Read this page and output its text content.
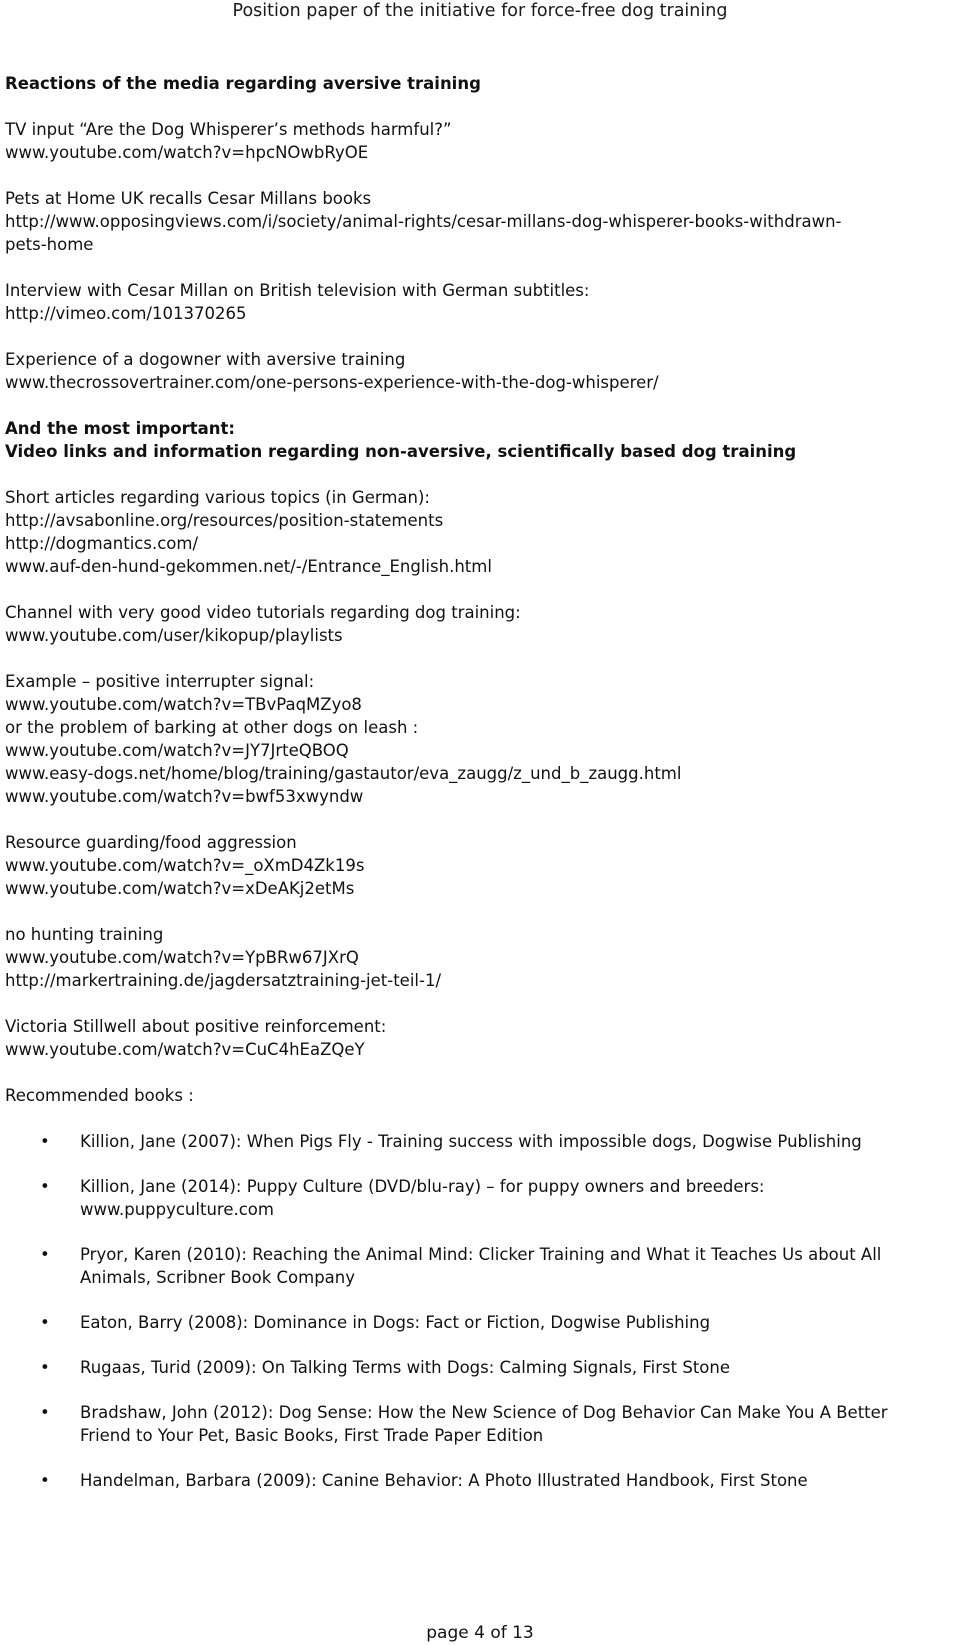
Position paper of the initiative for force-free dog training
Reactions of the media regarding aversive training
TV input “Are the Dog Whisperer’s methods harmful?”
www.youtube.com/watch?v=hpcNOwbRyOE
Pets at Home UK recalls Cesar Millans books
http://www.opposingviews.com/i/society/animal-rights/cesar-millans-dog-whisperer-books-withdrawn-
pets-home
Interview with Cesar Millan on British television with German subtitles:
http://vimeo.com/101370265
Experience of a dogowner with aversive training
www.thecrossovertrainer.com/one-persons-experience-with-the-dog-whisperer/
And the most important:
Video links and information regarding non-aversive, scientifically based dog training
Short articles regarding various topics (in German):
http://avsabonline.org/resources/position-statements
http://dogmantics.com/
www.auf-den-hund-gekommen.net/-/Entrance_English.html
Channel with very good video tutorials regarding dog training:
www.youtube.com/user/kikopup/playlists
Example – positive interrupter signal:
www.youtube.com/watch?v=TBvPaqMZyo8
or the problem of barking at other dogs on leash :
www.youtube.com/watch?v=JY7JrteQBOQ
www.easy-dogs.net/home/blog/training/gastautor/eva_zaugg/z_und_b_zaugg.html
www.youtube.com/watch?v=bwf53xwyndw
Resource guarding/food aggression
www.youtube.com/watch?v=_oXmD4Zk19s
www.youtube.com/watch?v=xDeAKj2etMs
no hunting training
www.youtube.com/watch?v=YpBRw67JXrQ
http://markertraining.de/jagdersatztraining-jet-teil-1/
Victoria Stillwell about positive reinforcement:
www.youtube.com/watch?v=CuC4hEaZQeY
Recommended books :
• Killion, Jane (2007): When Pigs Fly - Training success with impossible dogs, Dogwise Publishing
• Killion, Jane (2014): Puppy Culture (DVD/blu-ray) – for puppy owners and breeders: www.puppyculture.com
• Pryor, Karen (2010): Reaching the Animal Mind: Clicker Training and What it Teaches Us about All Animals, Scribner Book Company
• Eaton, Barry (2008): Dominance in Dogs: Fact or Fiction, Dogwise Publishing
• Rugaas, Turid (2009): On Talking Terms with Dogs: Calming Signals, First Stone
• Bradshaw, John (2012): Dog Sense: How the New Science of Dog Behavior Can Make You A Better Friend to Your Pet, Basic Books, First Trade Paper Edition
• Handelman, Barbara (2009): Canine Behavior: A Photo Illustrated Handbook, First Stone
page 4 of 13
